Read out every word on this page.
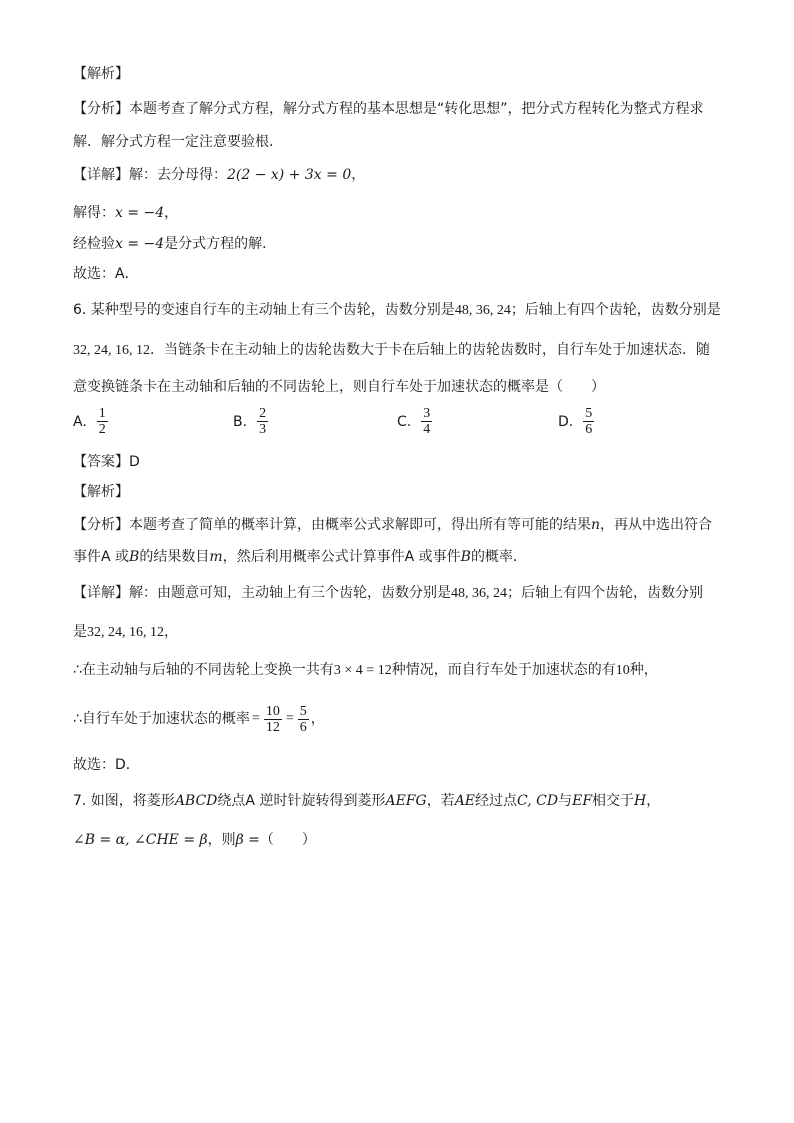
【解析】
【分析】本题考查了解分式方程，解分式方程的基本思想是“转化思想”，把分式方程转化为整式方程求
解．解分式方程一定注意要验根．
【详解】解：去分母得：2(2 − x) + 3x = 0，
解得：x = −4，
经检验x = −4是分式方程的解．
故选：A．
6. 某种型号的变速自行车的主动轴上有三个齿轮，齿数分别是48, 36, 24；后轴上有四个齿轮，齿数分别是
32, 24, 16, 12．当链条卡在主动轴上的齿轮齿数大于卡在后轴上的齿轮齿数时，自行车处于加速状态．随
意变换链条卡在主动轴和后轴的不同齿轮上，则自行车处于加速状态的概率是（　　）
A. $\frac{1}{2}$	B. $\frac{2}{3}$	C. $\frac{3}{4}$	D. $\frac{5}{6}$
【答案】D
【解析】
【分析】本题考查了简单的概率计算，由概率公式求解即可，得出所有等可能的结果n，再从中选出符合
事件A 或B的结果数目m，然后利用概率公式计算事件A 或事件B的概率．
【详解】解：由题意可知，主动轴上有三个齿轮，齿数分别是48, 36, 24；后轴上有四个齿轮，齿数分别
是32, 24, 16, 12，
∴在主动轴与后轴的不同齿轮上变换一共有3 × 4 = 12种情况，而自行车处于加速状态的有10种，
∴自行车处于加速状态的概率 = $\frac{10}{12} = \frac{5}{6}$ ，
故选：D．
7. 如图，将菱形ABCD绕点A 逆时针旋转得到菱形AEFG，若AE经过点C, CD与EF相交于H，
∠B = α, ∠CHE = β，则β =（　　）
